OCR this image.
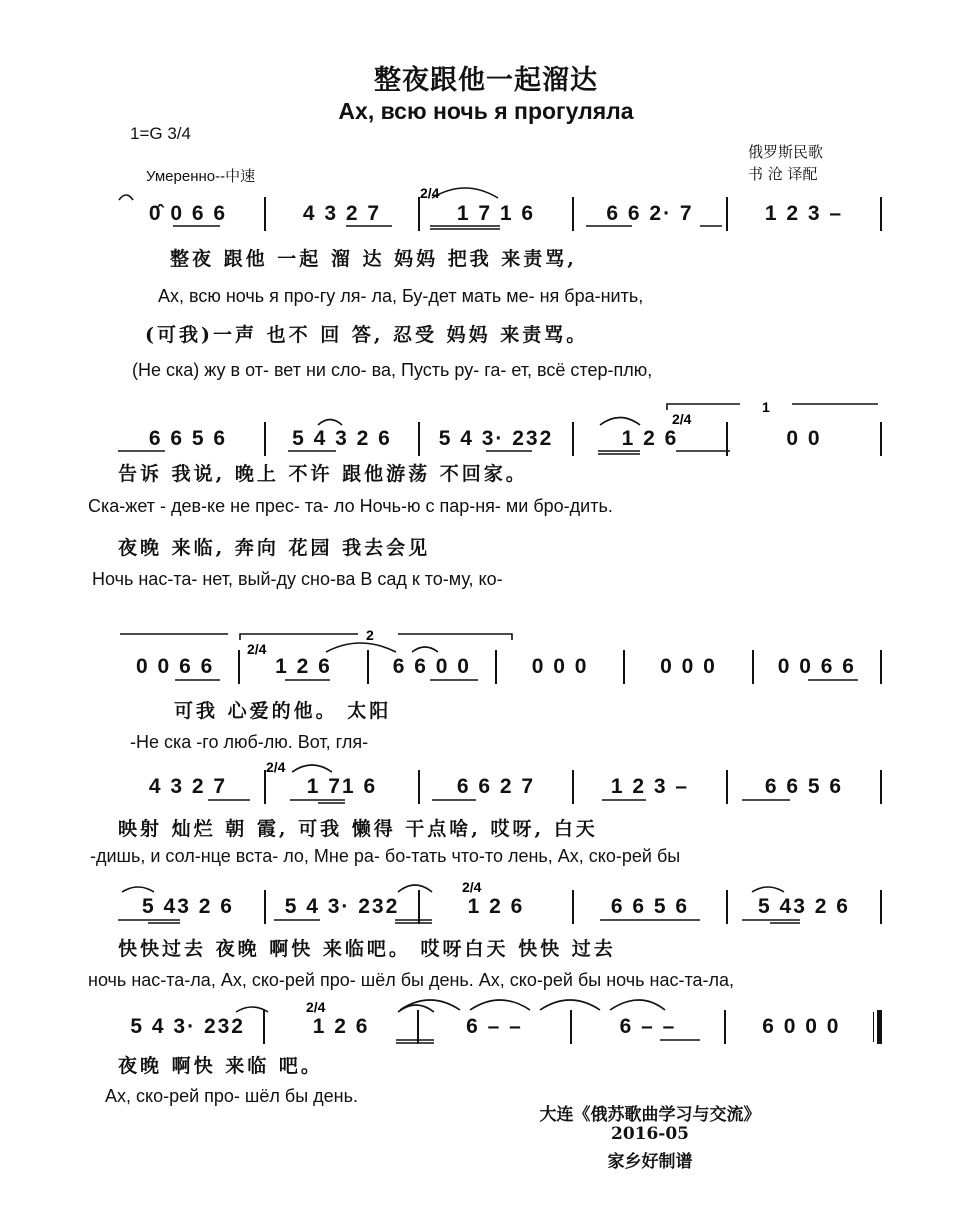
整夜跟他一起溜达
Ах, всю ночь я прогуляла
1=G 3/4
Умеренно--中速
俄罗斯民歌
书 沧 译配
0̂ 0 6 6	4 3 2 7	1 7 1 6	6 6 2· 7	1 2 3 –
整夜 跟他 一起 溜 达 妈妈 把我 来责骂,
Ах, всю ночь я про-гу ля- ла, Бу-дет мать ме- ня бра-нить,
(可我)一声 也不 回 答, 忍受 妈妈 来责骂。
(Не ска) жу в от- вет ни сло- ва, Пусть ру- га- ет, всё стер-плю,
6 6 5 6	5 4 3 2 6	5 4 3· 232	1 2 6	0 0
告诉 我说, 晚上 不许 跟他游荡 不回家。
Ска-жет - дев-ке не прес- та- ло Ночь-ю с пар-ня- ми бро-дить.
夜晚 来临, 奔向 花园 我去会见
Ночь нас-та- нет, вый-ду сно-ва В сад к то-му, ко-
0 0 6 6	1 2 6	6 6 0 0	0 0 0	0 0 0	0 0 6 6
可我 心爱的他。 太阳
-Не ска -го люб-лю. Вот, гля-
4 3 2 7	1 71 6	6 6 2 7	1 2 3 –	6 6 5 6
映射 灿烂 朝 霞, 可我 懒得 干点啥, 哎呀, 白天
-дишь, и сол-нце вста- ло, Мне ра- бо-тать что-то лень, Ах, ско-рей бы
5 43 2 6	5 4 3· 232	1 2 6	6 6 5 6	5 43 2 6
快快过去 夜晚 啊快 来临吧。 哎呀白天 快快 过去
ночь нас-та-ла, Ах, ско-рей про- шёл бы день. Ах, ско-рей бы ночь нас-та-ла,
5 4 3· 232	1 2 6	6 – –	6 – –	6 0 0 0
夜晚 啊快 来临 吧。
Ах, ско-рей про- шёл бы день.
大连《俄苏歌曲学习与交流》
2016-05
家乡好制谱
2/4
2/4
2/4
2/4
2/4
2/4
1
2
